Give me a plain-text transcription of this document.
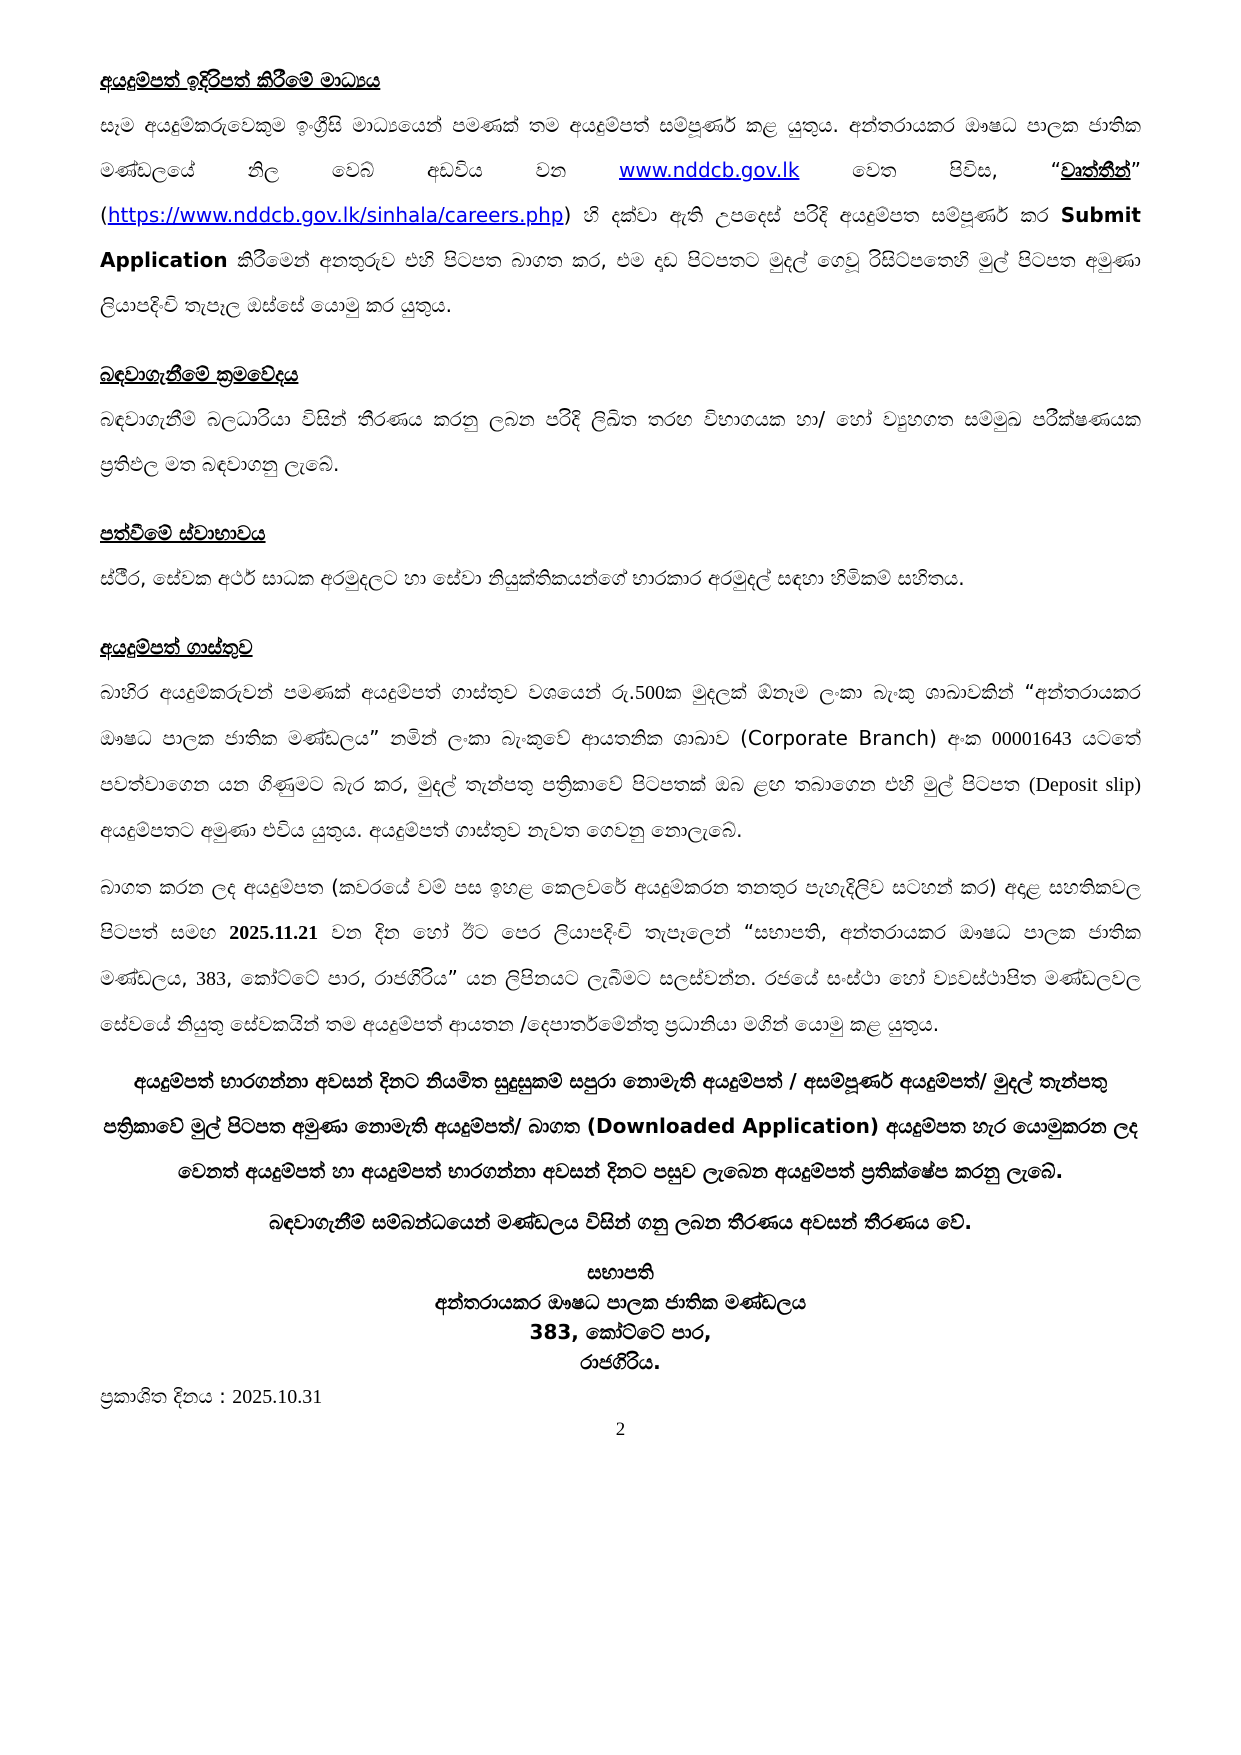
අයදුම්පත් ඉදිරිපත් කිරීමේ මාධ්‍යය

සෑම අයදුම්කරුවෙකුම ඉංග්‍රීසි මාධ්‍යයෙන් පමණක් තම අයදුම්පත් සම්පූර්ණ කළ යුතුය. අන්තරායකර ඖෂධ පාලක ජාතික මණ්ඩලයේ නිල වෙබ් අඩවිය වන www.nddcb.gov.lk වෙත පිවිස, “වෘත්තීන්” (https://www.nddcb.gov.lk/sinhala/careers.php) හි දක්වා ඇති උපදෙස් පරිදි අයදුම්පත සම්පූර්ණ කර Submit Application කිරීමෙන් අනතුරුව එහි පිටපත බාගත කර, එම දෘඩ පිටපතට මුදල් ගෙවූ රිසිට්පතෙහි මුල් පිටපත අමුණා ලියාපදිංචි තැපෑල ඔස්සේ යොමු කර යුතුය.

බඳවාගැනීමේ ක්‍රමවේදය

බඳවාගැනීම් බලධාරියා විසින් තීරණය කරනු ලබන පරිදි ලිඛිත තරඟ විභාගයක හා/ හෝ ව්‍යුහගත සම්මුඛ පරීක්ෂණයක ප්‍රතිඵල මත බඳවාගනු ලැබේ.

පත්වීමේ ස්වාභාවය

ස්ථීර, සේවක අර්ථ සාධක අරමුදලට හා සේවා නියුක්තිකයන්ගේ භාරකාර අරමුදල් සඳහා හිමිකම් සහිතය.

අයදුම්පත් ගාස්තුව

බාහිර අයදුම්කරුවන් පමණක් අයදුම්පත් ගාස්තුව වශයෙන් රු.500ක මුදලක් ඕනෑම ලංකා බැංකු ශාඛාවකින් “අන්තරායකර ඖෂධ පාලක ජාතික මණ්ඩලය” නමින් ලංකා බැංකුවේ ආයතනික ශාඛාව (Corporate Branch) අංක 00001643 යටතේ පවත්වාගෙන යන ගිණුමට බැර කර, මුදල් තැන්පතු පත්‍රිකාවේ පිටපතක් ඔබ ළඟ තබාගෙන එහි මුල් පිටපත (Deposit slip) අයදුම්පතට අමුණා එවිය යුතුය. අයදුම්පත් ගාස්තුව නැවත ගෙවනු නොලැබේ.

බාගත කරන ලද අයදුම්පත (කවරයේ වම් පස ඉහළ කෙලවරේ අයදුම්කරන තනතුර පැහැදිලිව සටහන් කර) අදාළ සහතිකවල පිටපත් සමඟ 2025.11.21 වන දින හෝ ඊට පෙර ලියාපදිංචි තැපෑලෙන් “සභාපති, අන්තරායකර ඖෂධ පාලක ජාතික මණ්ඩලය, 383, කෝට්ටේ පාර, රාජගිරිය” යන ලිපිනයට ලැබීමට සලස්වන්න. රජයේ සංස්ථා හෝ ව්‍යවස්ථාපිත මණ්ඩලවල සේවයේ නියුතු සේවකයින් තම අයදුම්පත් ආයතන /දෙපාර්තමේන්තු ප්‍රධානියා මගින් යොමු කළ යුතුය.

අයදුම්පත් භාරගන්නා අවසන් දිනට නියමිත සුදුසුකම් සපුරා නොමැති අයදුම්පත් / අසම්පූර්ණ අයදුම්පත්/ මුදල් තැන්පතු පත්‍රිකාවේ මුල් පිටපත අමුණා නොමැති අයදුම්පත්/ බාගත (Downloaded Application) අයදුම්පත හැර යොමුකරන ලද වෙනත් අයදුම්පත් හා අයදුම්පත් භාරගන්නා අවසන් දිනට පසුව ලැබෙන අයදුම්පත් ප්‍රතික්ෂේප කරනු ලැබේ.

බඳවාගැනීම් සම්බන්ධයෙන් මණ්ඩලය විසින් ගනු ලබන තීරණය අවසන් තීරණය වේ.

සභාපති
අන්තරායකර ඖෂධ පාලක ජාතික මණ්ඩලය
383, කෝට්ටේ පාර,
රාජගිරිය.

ප්‍රකාශිත දිනය : 2025.10.31

2
